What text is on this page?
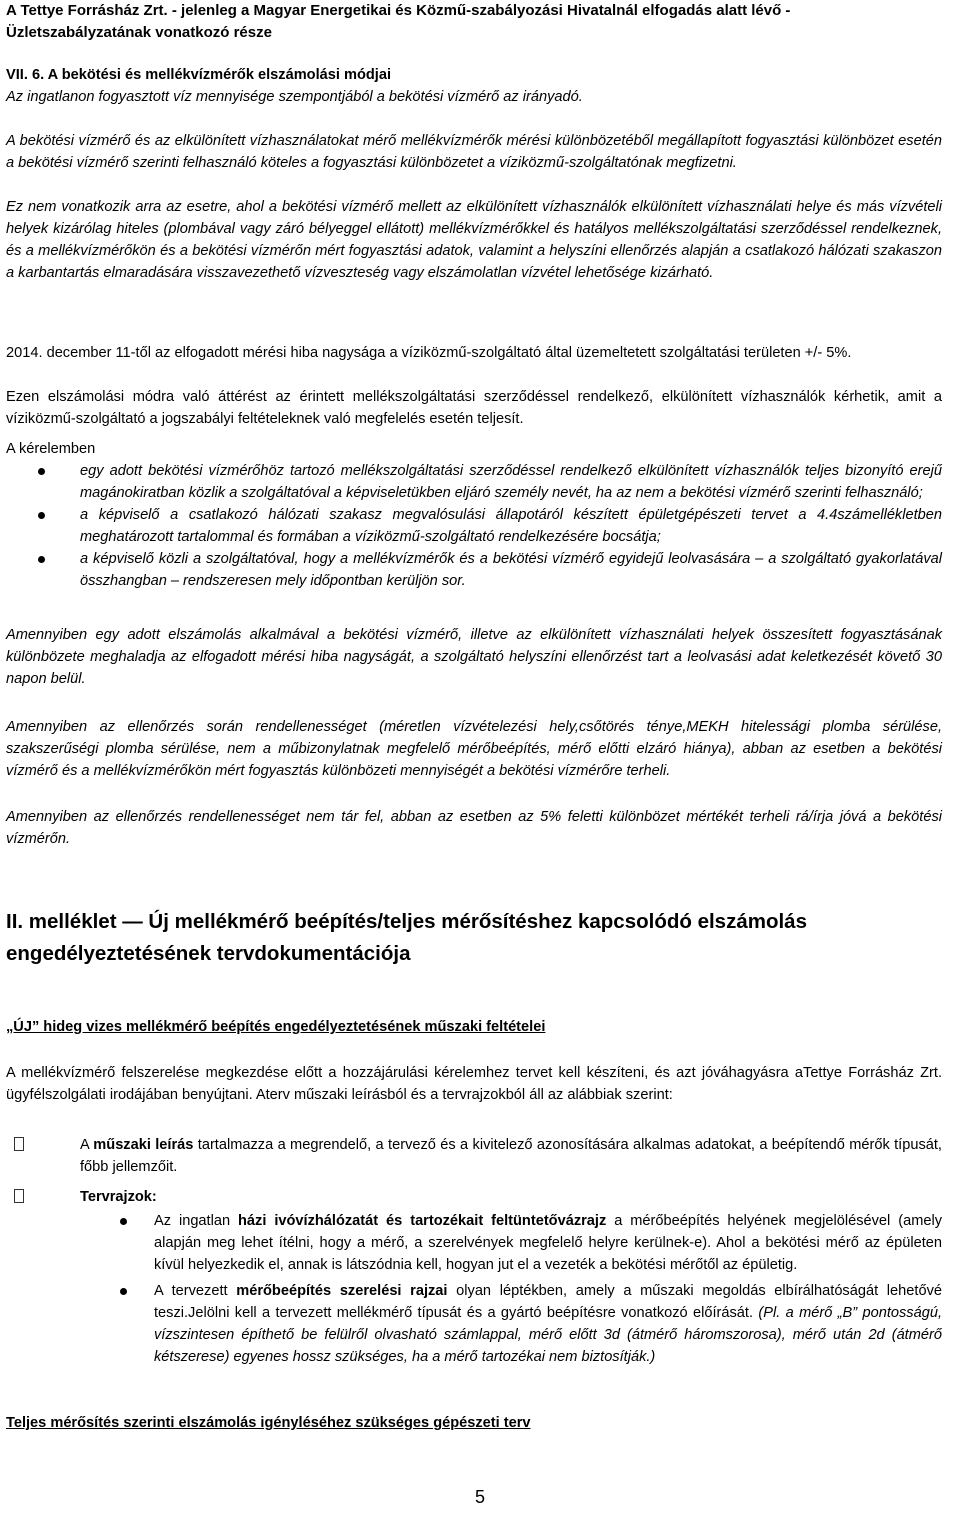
A Tettye Forrásház Zrt. - jelenleg a Magyar Energetikai és Közmű-szabályozási Hivatalnál elfogadás alatt lévő -
Üzletszabályzatának vonatkozó része
VII. 6. A bekötési és mellékvízmérők elszámolási módjai
Az ingatlanon fogyasztott víz mennyisége szempontjából a bekötési vízmérő az irányadó.

A bekötési vízmérő és az elkülönített vízhasználatokat mérő mellékvízmérők mérési különbözetéből megállapított fogyasztási különbözet esetén a bekötési vízmérő szerinti felhasználó köteles a fogyasztási különbözetet a víziközmű-szolgáltatónak megfizetni.

Ez nem vonatkozik arra az esetre, ahol a bekötési vízmérő mellett az elkülönített vízhasználók elkülönített vízhasználati helye és más vízvételi helyek kizárólag hiteles (plombával vagy záró bélyeggel ellátott) mellékvízmérőkkel és hatályos mellékszolgáltatási szerződéssel rendelkeznek, és a mellékvízmérőkön és a bekötési vízmérőn mért fogyasztási adatok, valamint a helyszíni ellenőrzés alapján a csatlakozó hálózati szakaszon a karbantartás elmaradására visszavezethető vízveszteség vagy elszámolatlan vízvétel lehetősége kizárható.

2014. december 11-től az elfogadott mérési hiba nagysága a víziközmű-szolgáltató által üzemeltetett szolgáltatási területen +/- 5%.

Ezen elszámolási módra való áttérést az érintett mellékszolgáltatási szerződéssel rendelkező, elkülönített vízhasználók kérhetik, amit a víziközmű-szolgáltató a jogszabályi feltételeknek való megfelelés esetén teljesít.

A kérelemben

egy adott bekötési vízmérőhöz tartozó mellékszolgáltatási szerződéssel rendelkező elkülönített vízhasználók teljes bizonyító erejű magánokiratban közlik a szolgáltatóval a képviseletükben eljáró személy nevét, ha az nem a bekötési vízmérő szerinti felhasználó;
a képviselő a csatlakozó hálózati szakasz megvalósulási állapotáról készített épületgépészeti tervet a 4.4számellékletben meghatározott tartalommal és formában a víziközmű-szolgáltató rendelkezésére bocsátja;
a képviselő közli a szolgáltatóval, hogy a mellékvízmérők és a bekötési vízmérő egyidejű leolvasására – a szolgáltató gyakorlatával összhangban – rendszeresen mely időpontban kerüljön sor.

Amennyiben egy adott elszámolás alkalmával a bekötési vízmérő, illetve az elkülönített vízhasználati helyek összesített fogyasztásának különbözete meghaladja az elfogadott mérési hiba nagyságát, a szolgáltató helyszíni ellenőrzést tart a leolvasási adat keletkezését követő 30 napon belül.

Amennyiben az ellenőrzés során rendellenességet (méretlen vízvételezési hely,csőtörés ténye,MEKH hitelessági plomba sérülése, szakszerűségi plomba sérülése, nem a műbizonylatnak megfelelő mérőbeépítés, mérő előtti elzáró hiánya), abban az esetben a bekötési vízmérő és a mellékvízmérőkön mért fogyasztás különbözeti mennyiségét a bekötési vízmérőre terheli.

Amennyiben az ellenőrzés rendellenességet nem tár fel, abban az esetben az 5% feletti különbözet mértékét terheli rá/írja jóvá a bekötési vízmérőn.

II. melléklet — Új mellékmérő beépítés/teljes mérősítéshez kapcsolódó elszámolás
engedélyeztetésének tervdokumentációja
„ÚJ” hideg vizes mellékmérő beépítés engedélyeztetésének műszaki feltételei

A mellékvízmérő felszerelése megkezdése előtt a hozzájárulási kérelemhez tervet kell készíteni, és azt jóváhagyásra aTettye Forrásház Zrt. ügyfélszolgálati irodájában benyújtani. Aterv műszaki leírásból és a tervrajzokból áll az alábbiak szerint:

A műszaki leírás tartalmazza a megrendelő, a tervező és a kivitelező azonosítására alkalmas adatokat, a beépítendő mérők típusát, főbb jellemzőit.
Tervrajzok:
Az ingatlan házi ivóvízhálózatát és tartozékait feltüntetővázrajz a mérőbeépítés helyének megjelölésével (amely alapján meg lehet ítélni, hogy a mérő, a szerelvények megfelelő helyre kerülnek-e). Ahol a bekötési mérő az épületen kívül helyezkedik el, annak is látszódnia kell, hogyan jut el a vezeték a bekötési mérőtől az épületig.
A tervezett mérőbeépítés szerelési rajzai olyan léptékben, amely a műszaki megoldás elbírálhatóságát lehetővé teszi.Jelölni kell a tervezett mellékmérő típusát és a gyártó beépítésre vonatkozó előírását. (Pl. a mérő „B” pontosságú, vízszintesen építhető be felülről olvasható számlappal, mérő előtt 3d (átmérő háromszorosa), mérő után 2d (átmérő kétszerese) egyenes hossz szükséges, ha a mérő tartozékai nem biztosítják.)
Teljes mérősítés szerinti elszámolás igényléséhez szükséges gépészeti terv
5
